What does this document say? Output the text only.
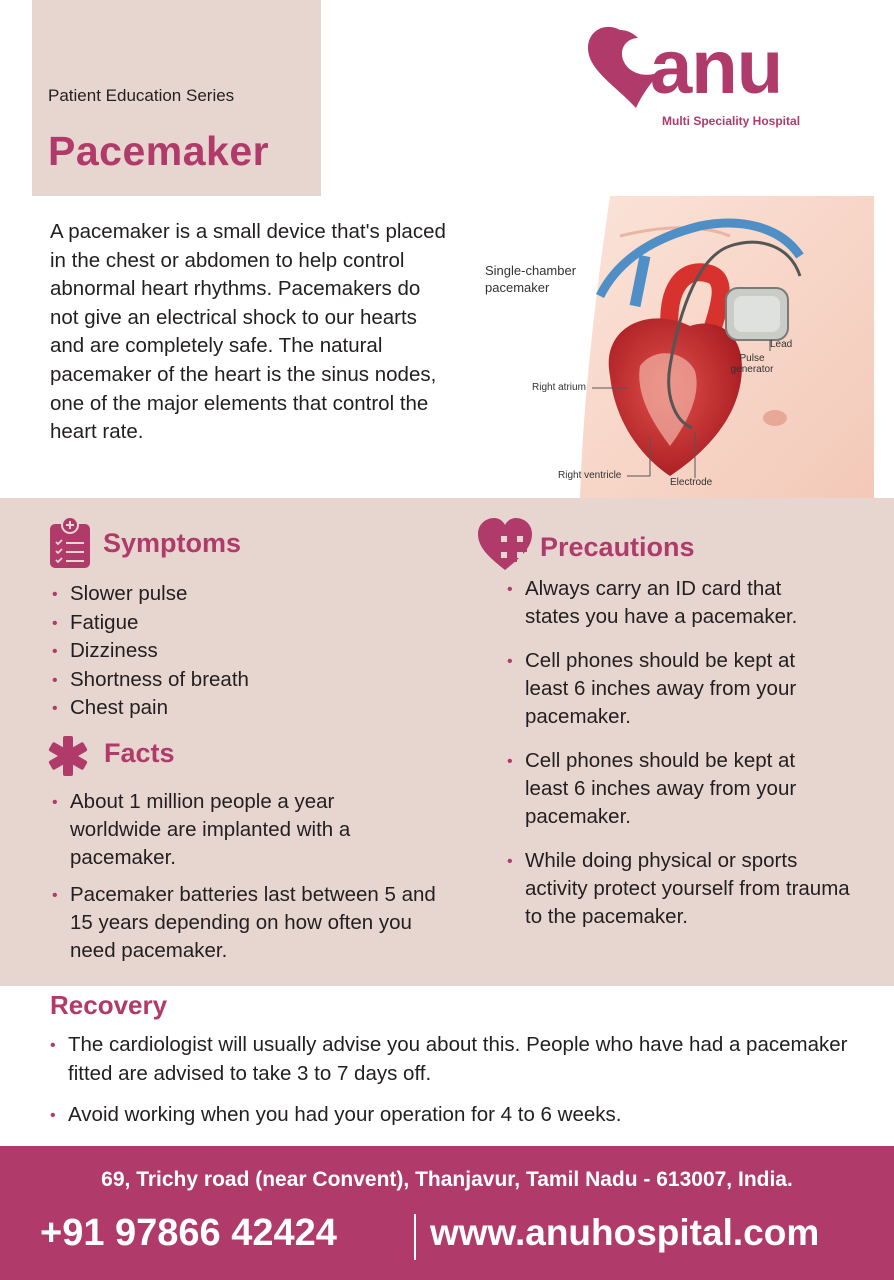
Patient Education Series
Pacemaker
anu
Multi Speciality Hospital
A pacemaker is a small device that's placed in the chest or abdomen to help control abnormal heart rhythms. Pacemakers do not give an electrical shock to our hearts and are completely safe. The natural pacemaker of the heart is the sinus nodes, one of the major elements that control the heart rate.
Single-chamber pacemaker
Lead
Pulse generator
Right atrium
Right ventricle
Electrode
Symptoms
• Slower pulse
• Fatigue
• Dizziness
• Shortness of breath
• Chest pain
Facts
• About 1 million people a year worldwide are implanted with a pacemaker.
• Pacemaker batteries last between 5 and 15 years depending on how often you need pacemaker.
Precautions
• Always carry an ID card that states you have a pacemaker.
• Cell phones should be kept at least 6 inches away from your pacemaker.
• Cell phones should be kept at least 6 inches away from your pacemaker.
• While doing physical or sports activity protect yourself from trauma to the pacemaker.
Recovery
• The cardiologist will usually advise you about this. People who have had a pacemaker fitted are advised to take 3 to 7 days off.
• Avoid working when you had your operation for 4 to 6 weeks.
69, Trichy road (near Convent), Thanjavur, Tamil Nadu - 613007, India.
+91 97866 42424	www.anuhospital.com
